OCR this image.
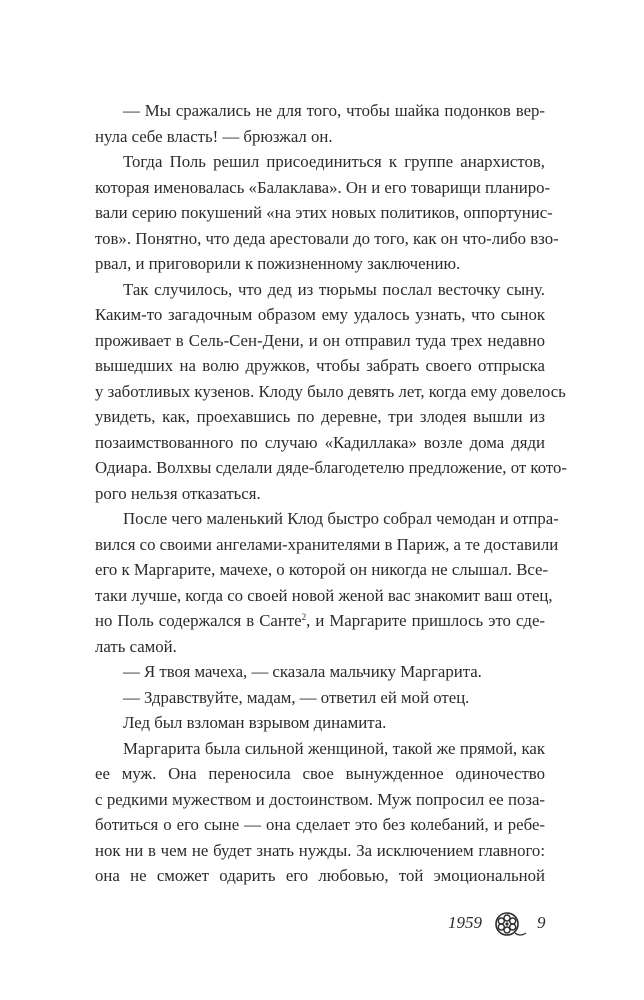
— Мы сражались не для того, чтобы шайка подонков вер-
нула себе власть! — брюзжал он.
Тогда Поль решил присоединиться к группе анархистов,
которая именовалась «Балаклава». Он и его товарищи планиро-
вали серию покушений «на этих новых политиков, оппортунис-
тов». Понятно, что деда арестовали до того, как он что-либо взо-
рвал, и приговорили к пожизненному заключению.
Так случилось, что дед из тюрьмы послал весточку сыну.
Каким-то загадочным образом ему удалось узнать, что сынок
проживает в Сель-Сен-Дени, и он отправил туда трех недавно
вышедших на волю дружков, чтобы забрать своего отпрыска
у заботливых кузенов. Клоду было девять лет, когда ему довелось
увидеть, как, проехавшись по деревне, три злодея вышли из
позаимствованного по случаю «Кадиллака» возле дома дяди
Одиара. Волхвы сделали дяде-благодетелю предложение, от кото-
рого нельзя отказаться.
После чего маленький Клод быстро собрал чемодан и отпра-
вился со своими ангелами-хранителями в Париж, а те доставили
его к Маргарите, мачехе, о которой он никогда не слышал. Все-
таки лучше, когда со своей новой женой вас знакомит ваш отец,
но Поль содержался в Санте$^2$, и Маргарите пришлось это сде-
лать самой.
— Я твоя мачеха, — сказала мальчику Маргарита.
— Здравствуйте, мадам, — ответил ей мой отец.
Лед был взломан взрывом динамита.
Маргарита была сильной женщиной, такой же прямой, как
ее муж. Она переносила свое вынужденное одиночество
с редкими мужеством и достоинством. Муж попросил ее поза-
ботиться о его сыне — она сделает это без колебаний, и ребе-
нок ни в чем не будет знать нужды. За исключением главного:
она не сможет одарить его любовью, той эмоциональной
1959	9
